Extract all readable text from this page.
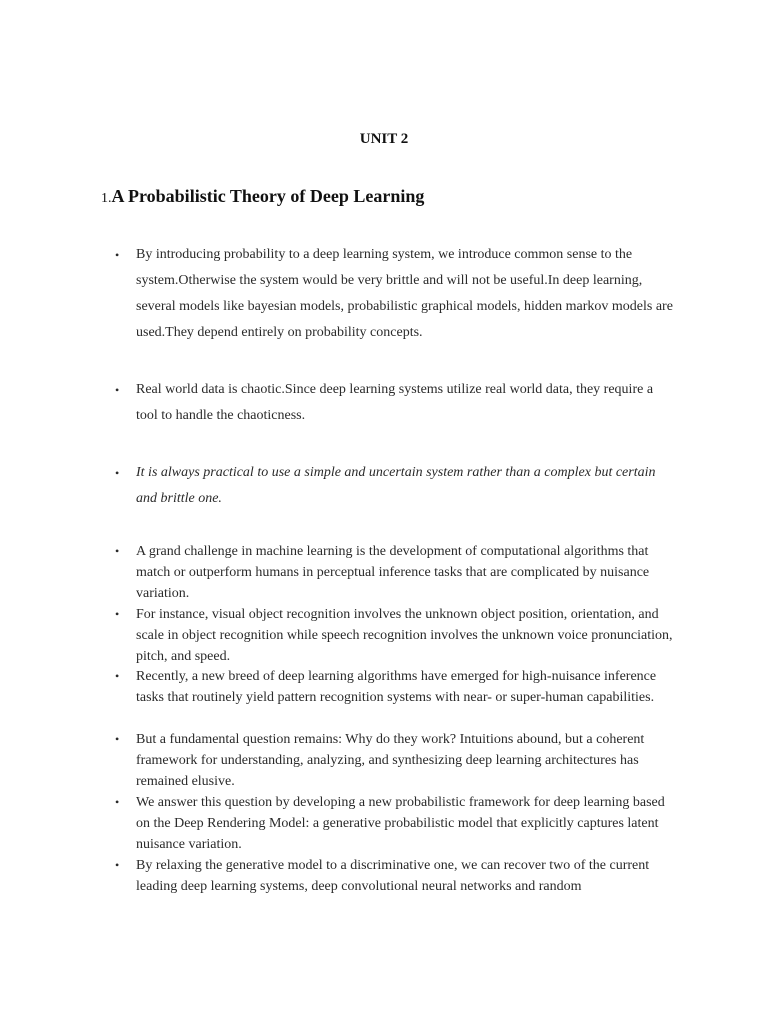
UNIT 2
1.A Probabilistic Theory of Deep Learning
• By introducing probability to a deep learning system, we introduce common sense to the system.Otherwise the system would be very brittle and will not be useful.In deep learning, several models like bayesian models, probabilistic graphical models, hidden markov models are used.They depend entirely on probability concepts.
• Real world data is chaotic.Since deep learning systems utilize real world data, they require a tool to handle the chaoticness.
• It is always practical to use a simple and uncertain system rather than a complex but certain and brittle one.
• A grand challenge in machine learning is the development of computational algorithms that match or outperform humans in perceptual inference tasks that are complicated by nuisance variation.
• For instance, visual object recognition involves the unknown object position, orientation, and scale in object recognition while speech recognition involves the unknown voice pronunciation, pitch, and speed.
• Recently, a new breed of deep learning algorithms have emerged for high-nuisance inference tasks that routinely yield pattern recognition systems with near- or super-human capabilities.
• But a fundamental question remains: Why do they work? Intuitions abound, but a coherent framework for understanding, analyzing, and synthesizing deep learning architectures has remained elusive.
• We answer this question by developing a new probabilistic framework for deep learning based on the Deep Rendering Model: a generative probabilistic model that explicitly captures latent nuisance variation.
• By relaxing the generative model to a discriminative one, we can recover two of the current leading deep learning systems, deep convolutional neural networks and random
